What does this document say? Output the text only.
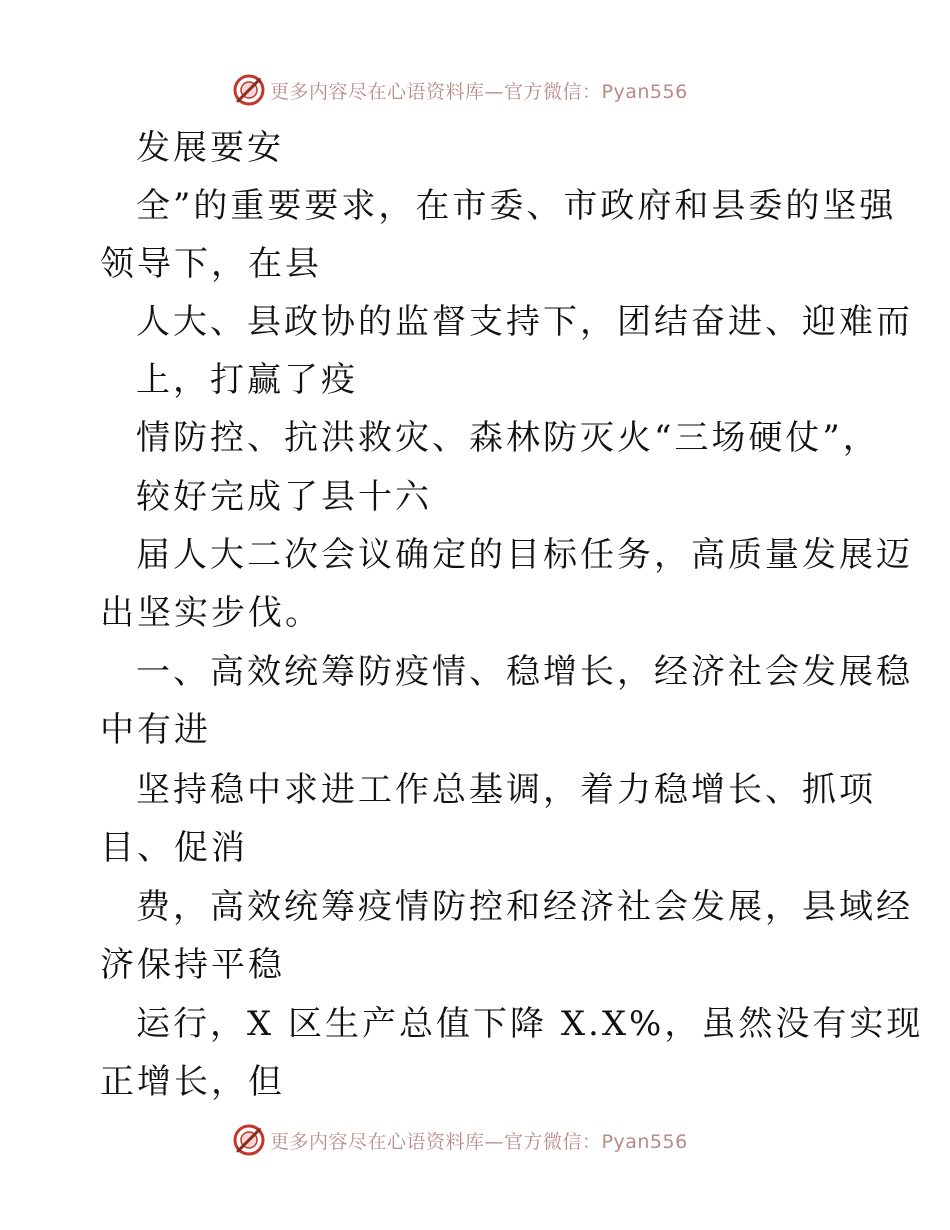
更多内容尽在心语资料库—官方微信：Pyan556
发展要安
全”的重要要求，在市委、市政府和县委的坚强
领导下，在县
人大、县政协的监督支持下，团结奋进、迎难而
上，打赢了疫
情防控、抗洪救灾、森林防灭火“三场硬仗”，
较好完成了县十六
届人大二次会议确定的目标任务，高质量发展迈
出坚实步伐。
一、高效统筹防疫情、稳增长，经济社会发展稳
中有进
坚持稳中求进工作总基调，着力稳增长、抓项
目、促消
费，高效统筹疫情防控和经济社会发展，县域经
济保持平稳
运行，X 区生产总值下降 X.X%，虽然没有实现
正增长，但
更多内容尽在心语资料库—官方微信：Pyan556
